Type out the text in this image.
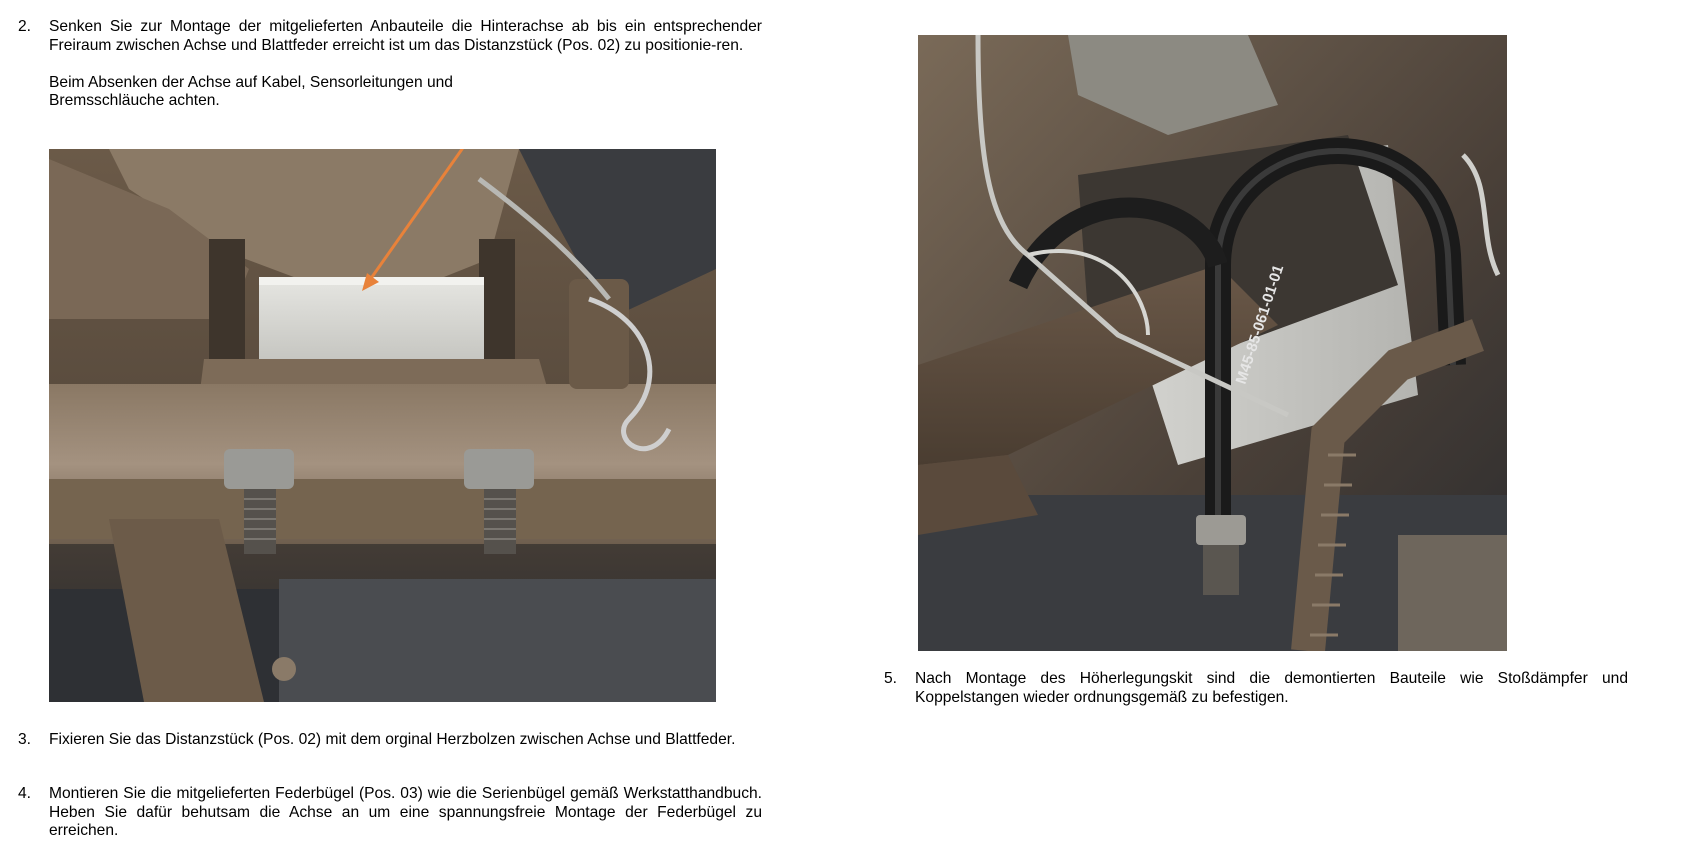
2. Senken Sie zur Montage der mitgelieferten Anbauteile die Hinterachse ab bis ein entsprechender Freiraum zwischen Achse und Blattfeder erreicht ist um das Distanzstück (Pos. 02) zu positionie-ren.

Beim Absenken der Achse auf Kabel, Sensorleitungen und Bremsschläuche achten.

3. Fixieren Sie das Distanzstück (Pos. 02) mit dem orginal Herzbolzen zwischen Achse und Blattfeder.

4. Montieren Sie die mitgelieferten Federbügel (Pos. 03) wie die Serienbügel gemäß Werkstatthandbuch. Heben Sie dafür behutsam die Achse an um eine spannungsfreie Montage der Federbügel zu erreichen.

M45-85-061-01-01
5. Nach Montage des Höherlegungskit sind die demontierten Bauteile wie Stoßdämpfer und Koppelstangen wieder ordnungsgemäß zu befestigen.
